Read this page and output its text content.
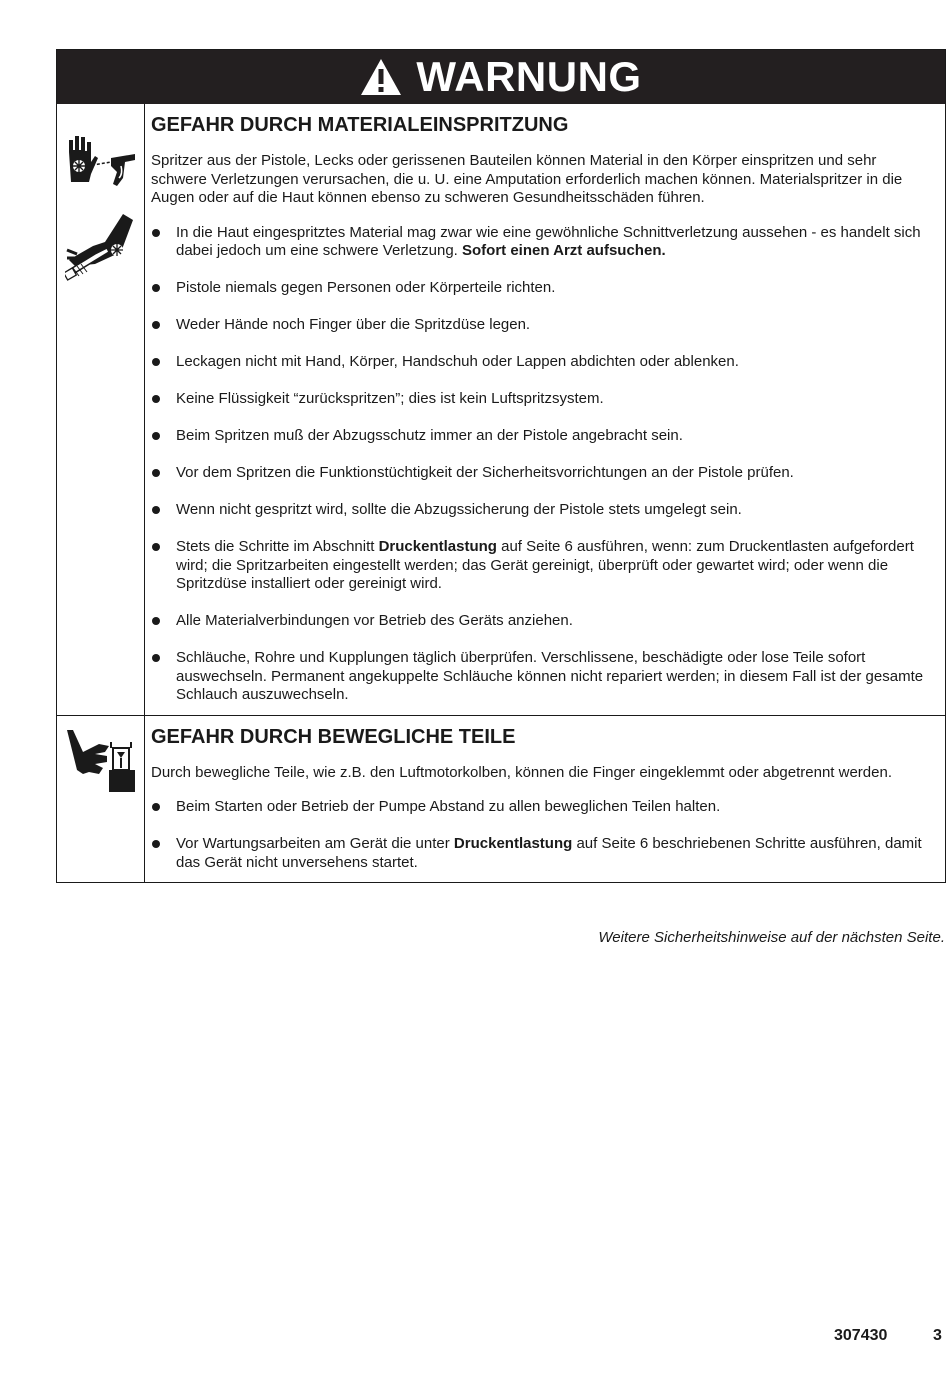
WARNUNG
GEFAHR DURCH MATERIALEINSPRITZUNG

Spritzer aus der Pistole, Lecks oder gerissenen Bauteilen können Material in den Körper einspritzen und sehr schwere Verletzungen verursachen, die u. U. eine Amputation erforderlich machen können. Materialspritzer in die Augen oder auf die Haut können ebenso zu schweren Gesundheitsschäden führen.

In die Haut eingespritztes Material mag zwar wie eine gewöhnliche Schnittverletzung aussehen - es handelt sich dabei jedoch um eine schwere Verletzung. Sofort einen Arzt aufsuchen.
Pistole niemals gegen Personen oder Körperteile richten.
Weder Hände noch Finger über die Spritzdüse legen.
Leckagen nicht mit Hand, Körper, Handschuh oder Lappen abdichten oder ablenken.
Keine Flüssigkeit “zurückspritzen”; dies ist kein Luftspritzsystem.
Beim Spritzen muß der Abzugsschutz immer an der Pistole angebracht sein.
Vor dem Spritzen die Funktionstüchtigkeit der Sicherheitsvorrichtungen an der Pistole prüfen.
Wenn nicht gespritzt wird, sollte die Abzugssicherung der Pistole stets umgelegt sein.
Stets die Schritte im Abschnitt Druckentlastung auf Seite 6 ausführen, wenn: zum Druckentlasten aufgefordert wird; die Spritzarbeiten eingestellt werden; das Gerät gereinigt, überprüft oder gewartet wird; oder wenn die Spritzdüse installiert oder gereinigt wird.
Alle Materialverbindungen vor Betrieb des Geräts anziehen.
Schläuche, Rohre und Kupplungen täglich überprüfen. Verschlissene, beschädigte oder lose Teile sofort auswechseln. Permanent angekuppelte Schläuche können nicht repariert werden; in diesem Fall ist der gesamte Schlauch auszuwechseln.
GEFAHR DURCH BEWEGLICHE TEILE

Durch bewegliche Teile, wie z.B. den Luftmotorkolben, können die Finger eingeklemmt oder abgetrennt werden.

Beim Starten oder Betrieb der Pumpe Abstand zu allen beweglichen Teilen halten.
Vor Wartungsarbeiten am Gerät die unter Druckentlastung auf Seite 6 beschriebenen Schritte ausführen, damit das Gerät nicht unversehens startet.
Weitere Sicherheitshinweise auf der nächsten Seite.
307430	3
